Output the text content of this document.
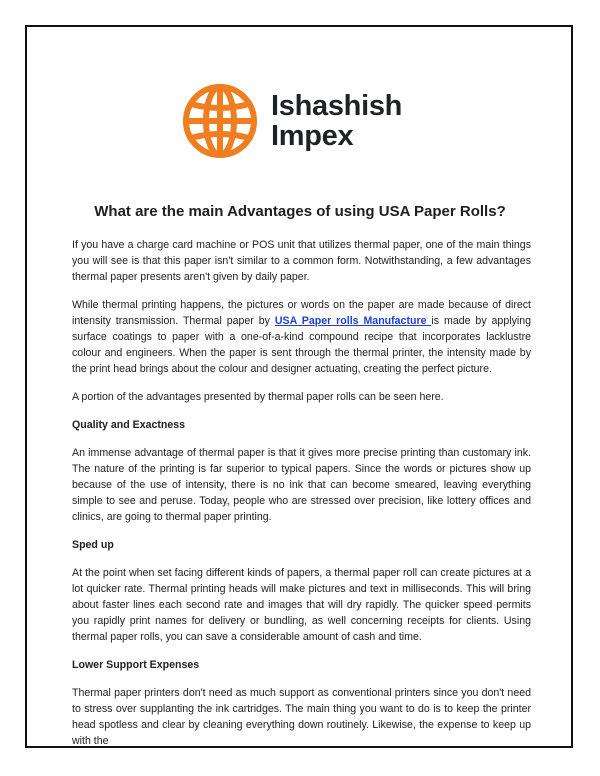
Ishashish
Impex
What are the main Advantages of using USA Paper Rolls?

If you have a charge card machine or POS unit that utilizes thermal paper, one of the main things you will see is that this paper isn't similar to a common form. Notwithstanding, a few advantages thermal paper presents aren't given by daily paper.

While thermal printing happens, the pictures or words on the paper are made because of direct intensity transmission. Thermal paper by USA Paper rolls Manufacture is made by applying surface coatings to paper with a one-of-a-kind compound recipe that incorporates lacklustre colour and engineers. When the paper is sent through the thermal printer, the intensity made by the print head brings about the colour and designer actuating, creating the perfect picture.

A portion of the advantages presented by thermal paper rolls can be seen here.

Quality and Exactness

An immense advantage of thermal paper is that it gives more precise printing than customary ink. The nature of the printing is far superior to typical papers. Since the words or pictures show up because of the use of intensity, there is no ink that can become smeared, leaving everything simple to see and peruse. Today, people who are stressed over precision, like lottery offices and clinics, are going to thermal paper printing.

Sped up

At the point when set facing different kinds of papers, a thermal paper roll can create pictures at a lot quicker rate. Thermal printing heads will make pictures and text in milliseconds. This will bring about faster lines each second rate and images that will dry rapidly. The quicker speed permits you rapidly print names for delivery or bundling, as well concerning receipts for clients. Using thermal paper rolls, you can save a considerable amount of cash and time.

Lower Support Expenses

Thermal paper printers don't need as much support as conventional printers since you don't need to stress over supplanting the ink cartridges. The main thing you want to do is to keep the printer head spotless and clear by cleaning everything down routinely. Likewise, the expense to keep up with the
